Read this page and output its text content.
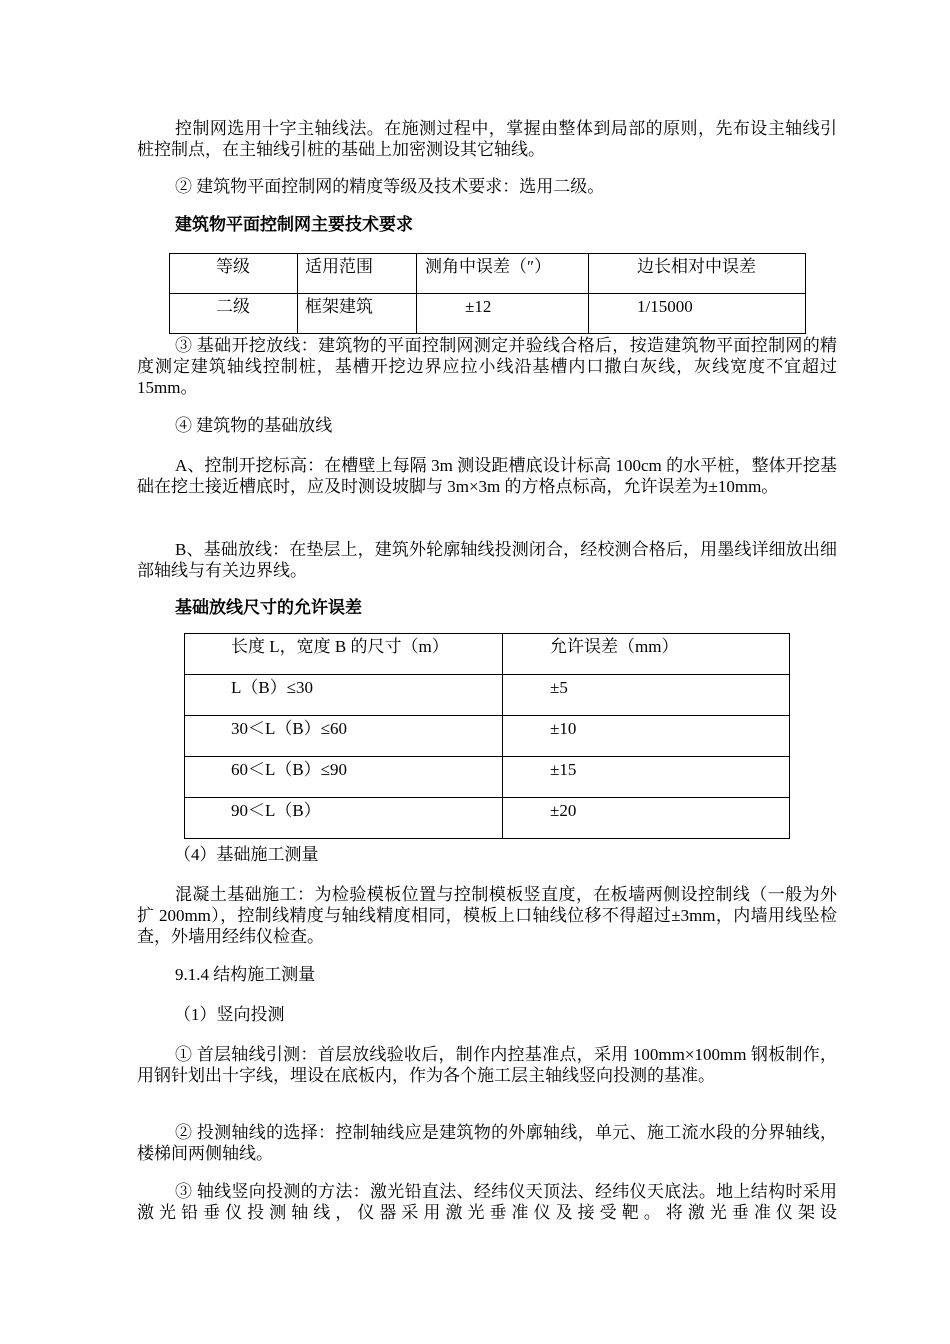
控制网选用十字主轴线法。在施测过程中，掌握由整体到局部的原则，先布设主轴线引桩控制点，在主轴线引桩的基础上加密测设其它轴线。

② 建筑物平面控制网的精度等级及技术要求：选用二级。

建筑物平面控制网主要技术要求

等级	适用范围	测角中误差（″）	边长相对中误差

二级	框架建筑	±12	1/15000

③ 基础开挖放线：建筑物的平面控制网测定并验线合格后，按造建筑物平面控制网的精度测定建筑轴线控制桩，基槽开挖边界应拉小线沿基槽内口撒白灰线，灰线宽度不宜超过 15mm。

④ 建筑物的基础放线

A、控制开挖标高：在槽壁上每隔 3m 测设距槽底设计标高 100cm 的水平桩，整体开挖基础在挖土接近槽底时，应及时测设坡脚与 3m×3m 的方格点标高，允许误差为±10mm。

B、基础放线：在垫层上，建筑外轮廓轴线投测闭合，经校测合格后，用墨线详细放出细部轴线与有关边界线。

基础放线尺寸的允许误差

长度 L，宽度 B 的尺寸（m）	允许误差（mm）

L（B）≤30	±5

30＜L（B）≤60	±10

60＜L（B）≤90	±15

90＜L（B）	±20

（4）基础施工测量

混凝土基础施工：为检验模板位置与控制模板竖直度，在板墙两侧设控制线（一般为外扩 200mm），控制线精度与轴线精度相同，模板上口轴线位移不得超过±3mm，内墙用线坠检查，外墙用经纬仪检查。

9.1.4 结构施工测量

（1）竖向投测

① 首层轴线引测：首层放线验收后，制作内控基准点，采用 100mm×100mm 钢板制作，用钢针划出十字线，埋设在底板内，作为各个施工层主轴线竖向投测的基准。

② 投测轴线的选择：控制轴线应是建筑物的外廓轴线，单元、施工流水段的分界轴线，楼梯间两侧轴线。

③ 轴线竖向投测的方法：激光铅直法、经纬仪天顶法、经纬仪天底法。地上结构时采用激光铅垂仪投测轴线，仪器采用激光垂准仪及接受靶。将激光垂准仪架设
